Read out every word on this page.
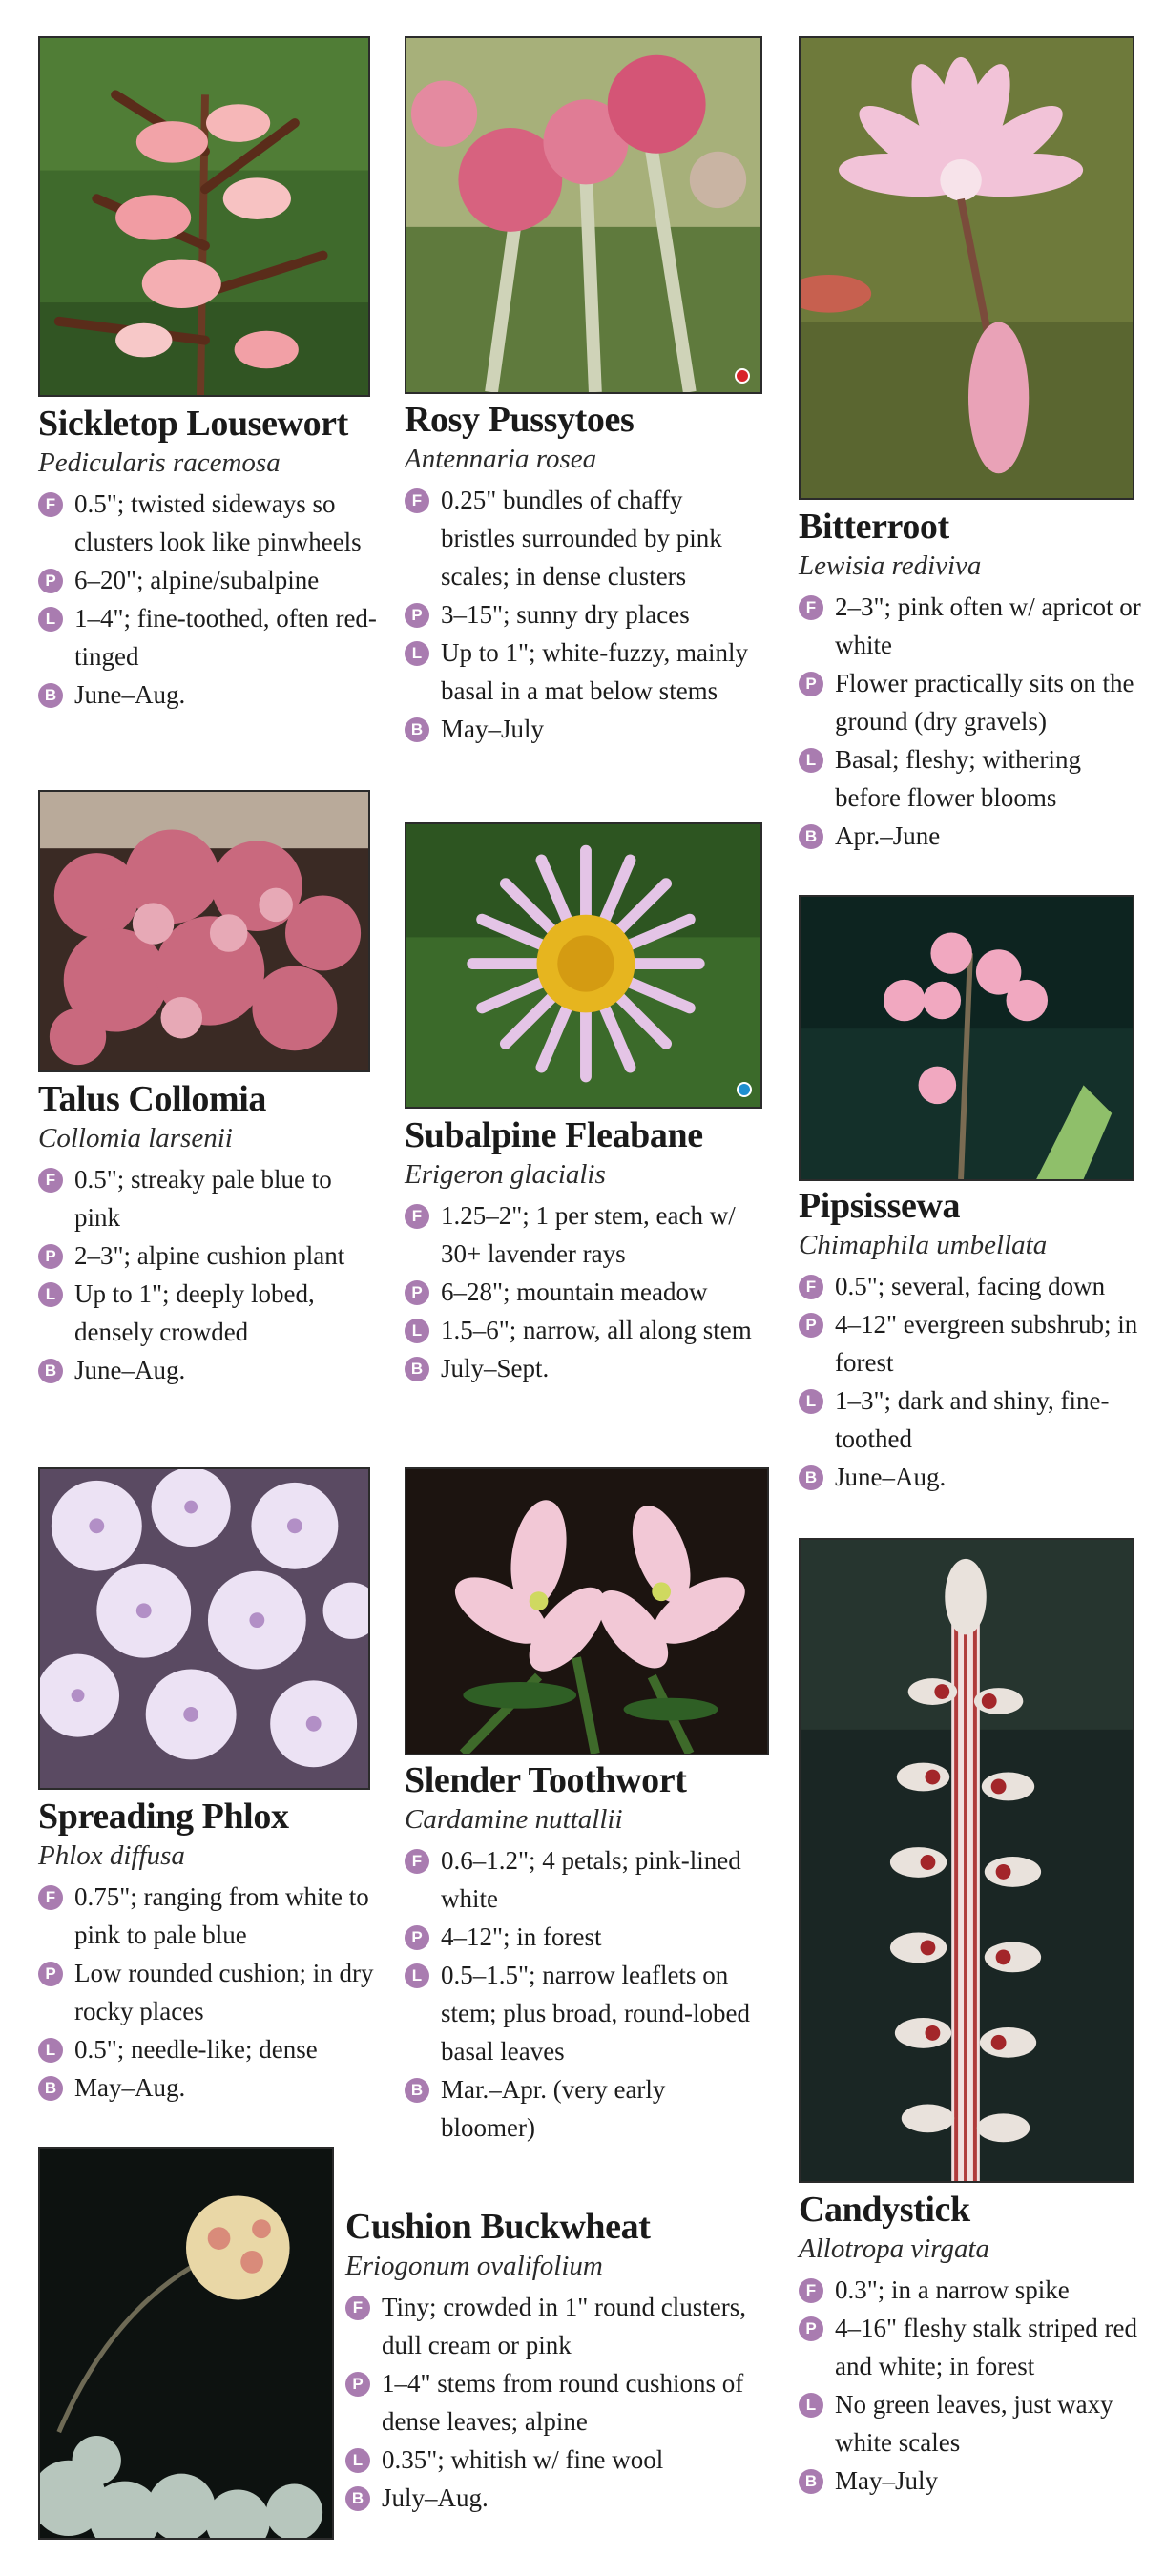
Sickletop Lousewort
Pedicularis racemosa
F 0.5"; twisted sideways so clusters look like pinwheels
P 6–20"; alpine/subalpine
L 1–4"; fine-toothed, often red-tinged
B June–Aug.
Rosy Pussytoes
Antennaria rosea
F 0.25" bundles of chaffy bristles surrounded by pink scales; in dense clusters
P 3–15"; sunny dry places
L Up to 1"; white-fuzzy, mainly basal in a mat below stems
B May–July
Bitterroot
Lewisia rediviva
F 2–3"; pink often w/ apricot or white
P Flower practically sits on the ground (dry gravels)
L Basal; fleshy; withering before flower blooms
B Apr.–June
Talus Collomia
Collomia larsenii
F 0.5"; streaky pale blue to pink
P 2–3"; alpine cushion plant
L Up to 1"; deeply lobed, densely crowded
B June–Aug.
Subalpine Fleabane
Erigeron glacialis
F 1.25–2"; 1 per stem, each w/ 30+ lavender rays
P 6–28"; mountain meadow
L 1.5–6"; narrow, all along stem
B July–Sept.
Pipsissewa
Chimaphila umbellata
F 0.5"; several, facing down
P 4–12" evergreen subshrub; in forest
L 1–3"; dark and shiny, fine-toothed
B June–Aug.
Spreading Phlox
Phlox diffusa
F 0.75"; ranging from white to pink to pale blue
P Low rounded cushion; in dry rocky places
L 0.5"; needle-like; dense
B May–Aug.
Slender Toothwort
Cardamine nuttallii
F 0.6–1.2"; 4 petals; pink-lined white
P 4–12"; in forest
L 0.5–1.5"; narrow leaflets on stem; plus broad, round-lobed basal leaves
B Mar.–Apr. (very early bloomer)
Candystick
Allotropa virgata
F 0.3"; in a narrow spike
P 4–16" fleshy stalk striped red and white; in forest
L No green leaves, just waxy white scales
B May–July
Cushion Buckwheat
Eriogonum ovalifolium
F Tiny; crowded in 1" round clusters, dull cream or pink
P 1–4" stems from round cushions of dense leaves; alpine
L 0.35"; whitish w/ fine wool
B July–Aug.
